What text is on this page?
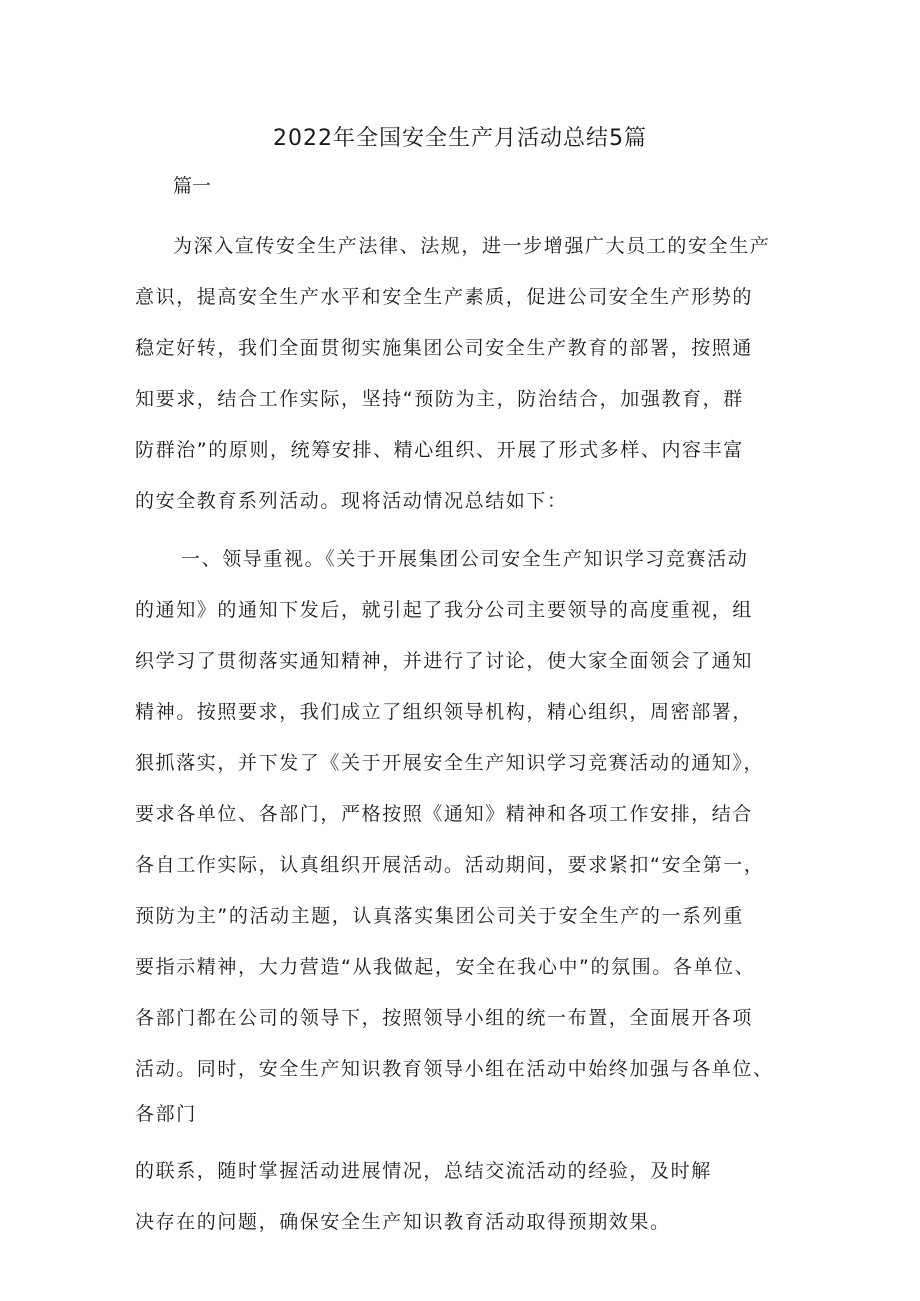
2022年全国安全生产月活动总结5篇
篇一
为深入宣传安全生产法律、法规，进一步增强广大员工的安全生产
意识，提高安全生产水平和安全生产素质，促进公司安全生产形势的
稳定好转，我们全面贯彻实施集团公司安全生产教育的部署，按照通
知要求，结合工作实际，坚持“预防为主，防治结合，加强教育，群
防群治”的原则，统筹安排、精心组织、开展了形式多样、内容丰富
的安全教育系列活动。现将活动情况总结如下：
一、领导重视。《关于开展集团公司安全生产知识学习竞赛活动
的通知》的通知下发后，就引起了我分公司主要领导的高度重视，组
织学习了贯彻落实通知精神，并进行了讨论，使大家全面领会了通知
精神。按照要求，我们成立了组织领导机构，精心组织，周密部署，
狠抓落实，并下发了《关于开展安全生产知识学习竞赛活动的通知》，
要求各单位、各部门，严格按照《通知》精神和各项工作安排，结合
各自工作实际，认真组织开展活动。活动期间，要求紧扣“安全第一，
预防为主”的活动主题，认真落实集团公司关于安全生产的一系列重
要指示精神，大力营造“从我做起，安全在我心中”的氛围。各单位、
各部门都在公司的领导下，按照领导小组的统一布置，全面展开各项
活动。同时，安全生产知识教育领导小组在活动中始终加强与各单位、
各部门
的联系，随时掌握活动进展情况，总结交流活动的经验，及时解
决存在的问题，确保安全生产知识教育活动取得预期效果。
